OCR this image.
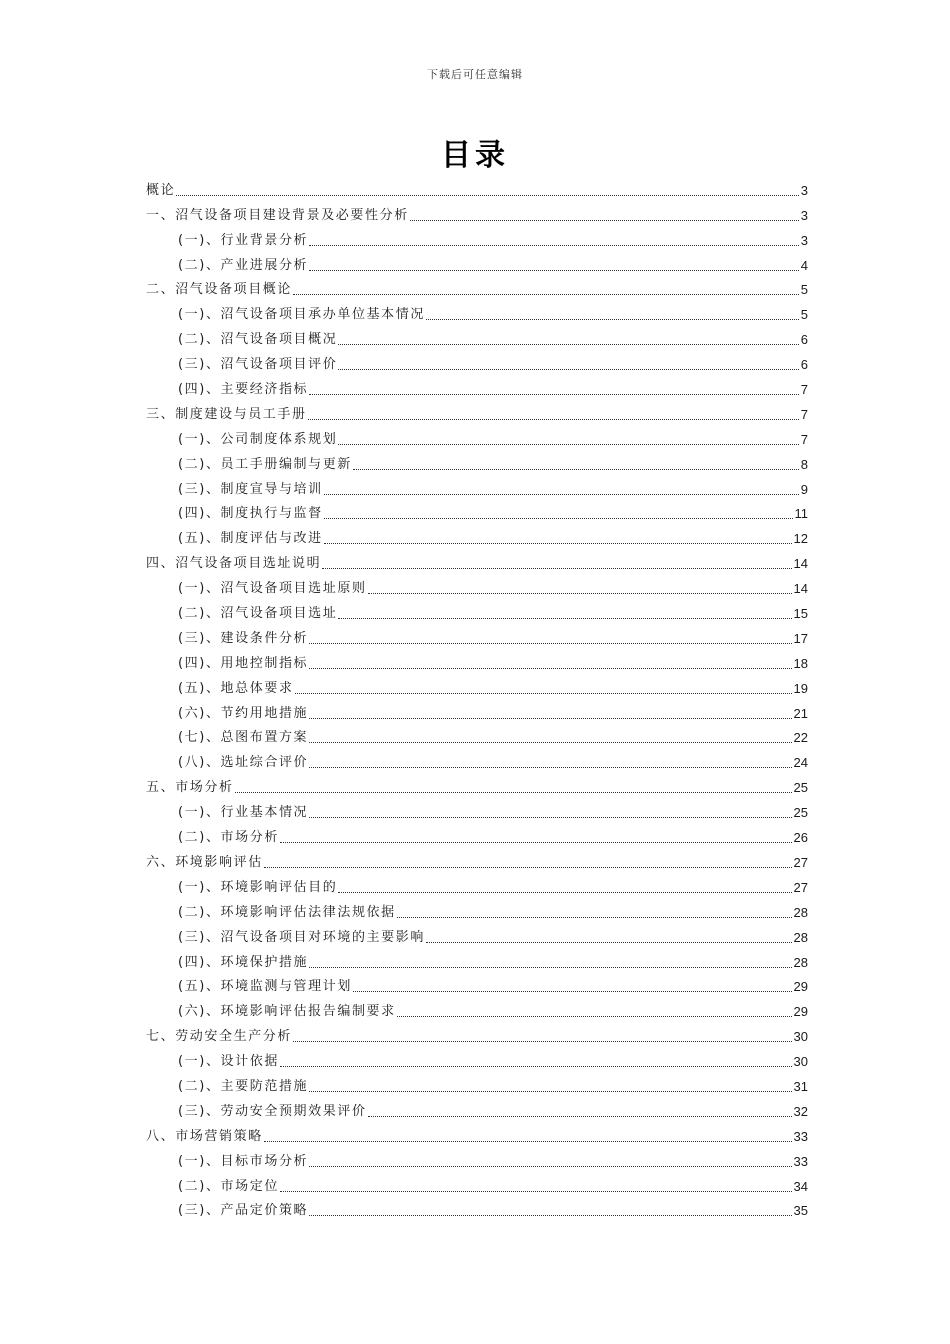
下载后可任意编辑
目录
概论	3
一、沼气设备项目建设背景及必要性分析	3
(一)、行业背景分析	3
(二)、产业进展分析	4
二、沼气设备项目概论	5
(一)、沼气设备项目承办单位基本情况	5
(二)、沼气设备项目概况	6
(三)、沼气设备项目评价	6
(四)、主要经济指标	7
三、制度建设与员工手册	7
(一)、公司制度体系规划	7
(二)、员工手册编制与更新	8
(三)、制度宣导与培训	9
(四)、制度执行与监督	11
(五)、制度评估与改进	12
四、沼气设备项目选址说明	14
(一)、沼气设备项目选址原则	14
(二)、沼气设备项目选址	15
(三)、建设条件分析	17
(四)、用地控制指标	18
(五)、地总体要求	19
(六)、节约用地措施	21
(七)、总图布置方案	22
(八)、选址综合评价	24
五、市场分析	25
(一)、行业基本情况	25
(二)、市场分析	26
六、环境影响评估	27
(一)、环境影响评估目的	27
(二)、环境影响评估法律法规依据	28
(三)、沼气设备项目对环境的主要影响	28
(四)、环境保护措施	28
(五)、环境监测与管理计划	29
(六)、环境影响评估报告编制要求	29
七、劳动安全生产分析	30
(一)、设计依据	30
(二)、主要防范措施	31
(三)、劳动安全预期效果评价	32
八、市场营销策略	33
(一)、目标市场分析	33
(二)、市场定位	34
(三)、产品定价策略	35
